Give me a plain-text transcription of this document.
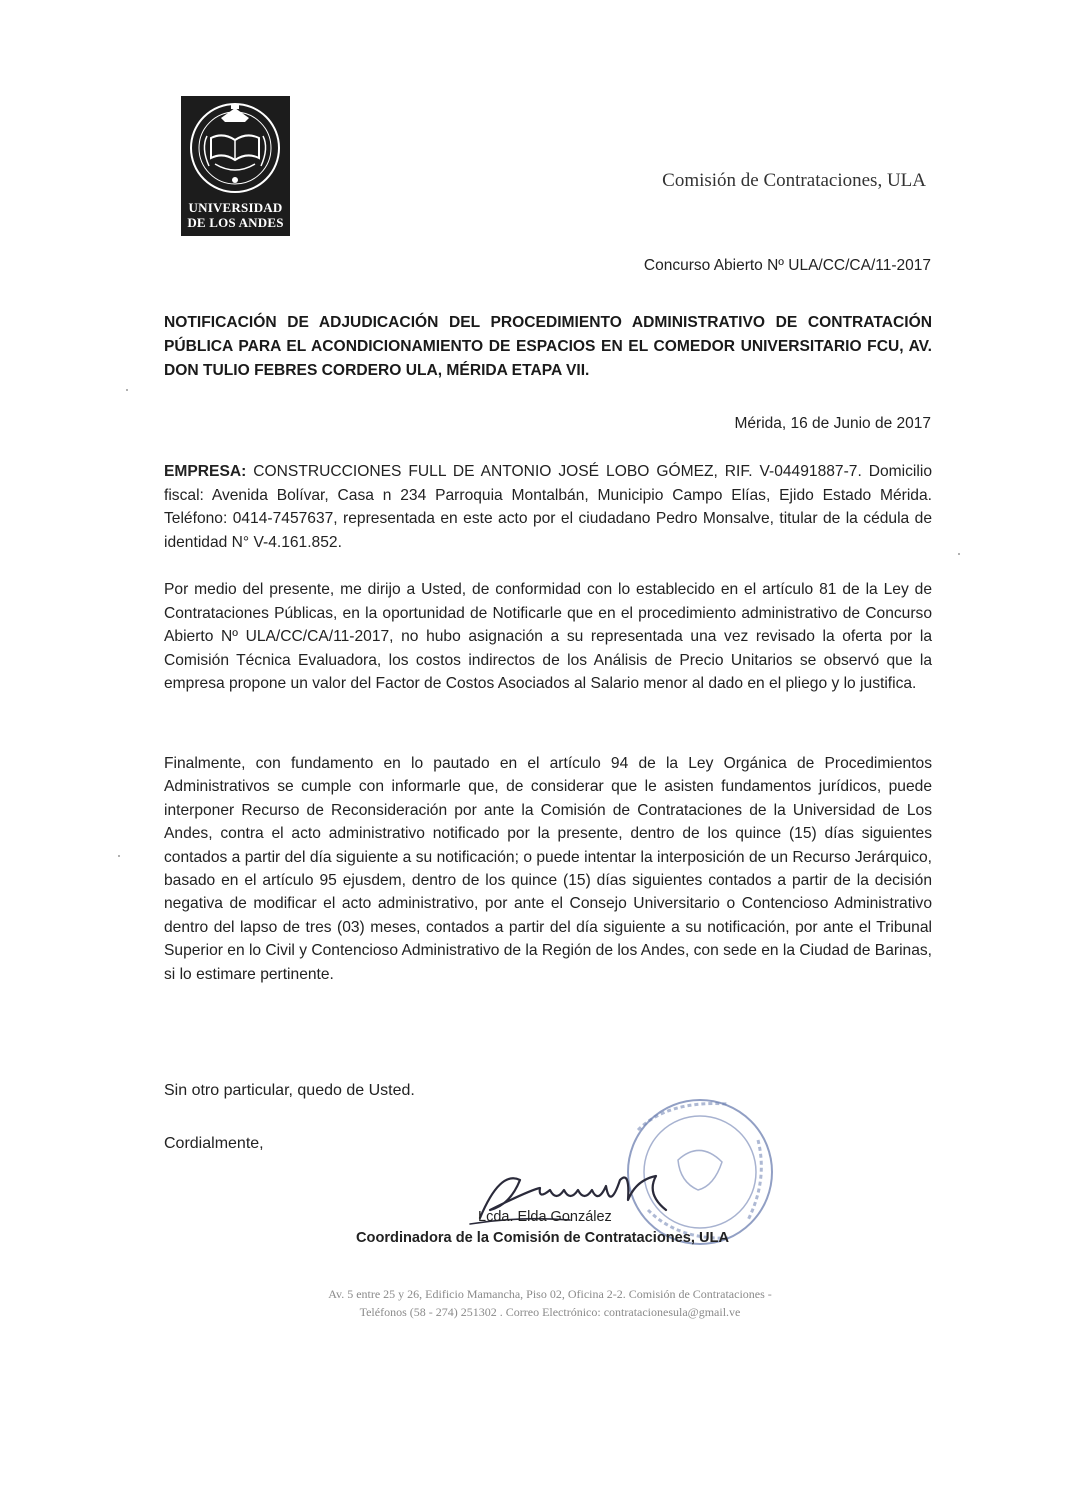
UNIVERSIDAD
DE LOS ANDES
Comisión de Contrataciones, ULA
Concurso Abierto Nº ULA/CC/CA/11-2017
NOTIFICACIÓN DE ADJUDICACIÓN DEL PROCEDIMIENTO ADMINISTRATIVO DE CONTRATACIÓN PÚBLICA PARA EL ACONDICIONAMIENTO DE ESPACIOS EN EL COMEDOR UNIVERSITARIO FCU, AV. DON TULIO FEBRES CORDERO ULA, MÉRIDA ETAPA VII.
Mérida, 16 de Junio de 2017

EMPRESA: CONSTRUCCIONES FULL DE ANTONIO JOSÉ LOBO GÓMEZ, RIF. V-04491887-7. Domicilio fiscal: Avenida Bolívar, Casa n 234 Parroquia Montalbán, Municipio Campo Elías, Ejido Estado Mérida. Teléfono: 0414-7457637, representada en este acto por el ciudadano Pedro Monsalve, titular de la cédula de identidad N° V-4.161.852.

Por medio del presente, me dirijo a Usted, de conformidad con lo establecido en el artículo 81 de la Ley de Contrataciones Públicas, en la oportunidad de Notificarle que en el procedimiento administrativo de Concurso Abierto Nº ULA/CC/CA/11-2017, no hubo asignación a su representada una vez revisado la oferta por la Comisión Técnica Evaluadora, los costos indirectos de los Análisis de Precio Unitarios se observó que la empresa propone un valor del Factor de Costos Asociados al Salario menor al dado en el pliego y lo justifica.

Finalmente, con fundamento en lo pautado en el artículo 94 de la Ley Orgánica de Procedimientos Administrativos se cumple con informarle que, de considerar que le asisten fundamentos jurídicos, puede interponer Recurso de Reconsideración por ante la Comisión de Contrataciones de la Universidad de Los Andes, contra el acto administrativo notificado por la presente, dentro de los quince (15) días siguientes contados a partir del día siguiente a su notificación; o puede intentar la interposición de un Recurso Jerárquico, basado en el artículo 95 ejusdem, dentro de los quince (15) días siguientes contados a partir de la decisión negativa de modificar el acto administrativo, por ante el Consejo Universitario o Contencioso Administrativo dentro del lapso de tres (03) meses, contados a partir del día siguiente a su notificación, por ante el Tribunal Superior en lo Civil y Contencioso Administrativo de la Región de los Andes, con sede en la Ciudad de Barinas, si lo estimare pertinente.

Sin otro particular, quedo de Usted.
Cordialmente,
Lcda. Elda González
Coordinadora de la Comisión de Contrataciones, ULA
Av. 5 entre 25 y 26, Edificio Mamancha, Piso 02, Oficina 2-2. Comisión de Contrataciones -
Teléfonos (58 - 274) 251302 . Correo Electrónico: contratacionesula@gmail.ve
